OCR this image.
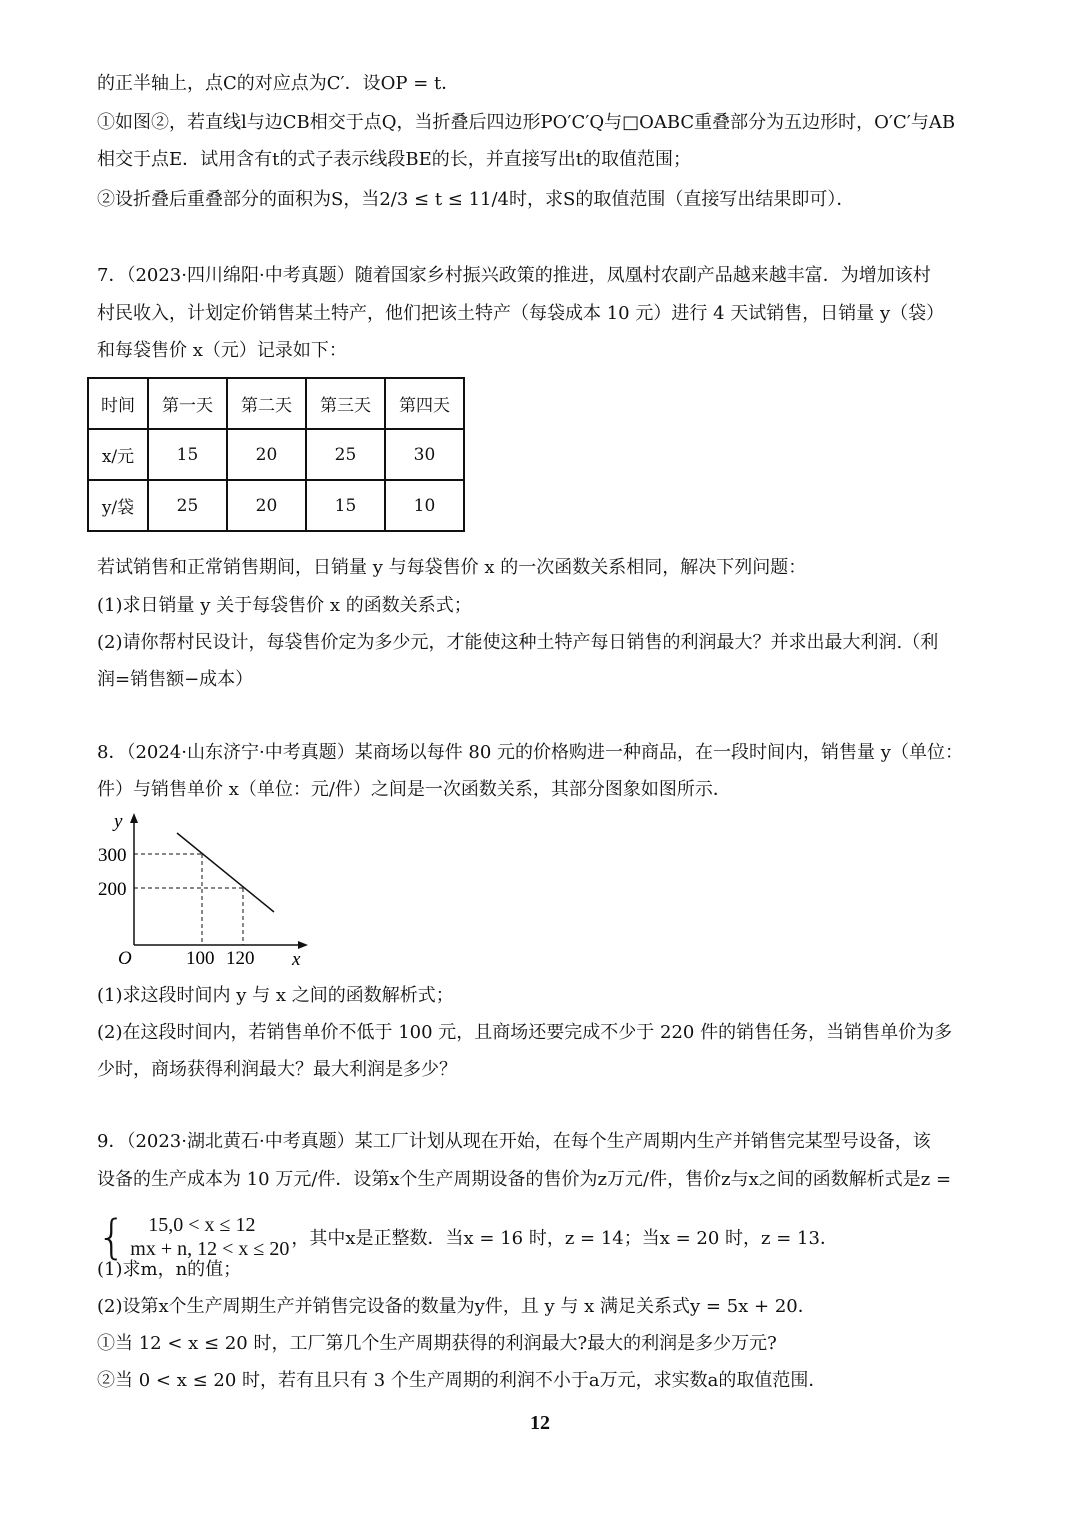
的正半轴上，点C的对应点为C′．设OP = t．
①如图②，若直线l与边CB相交于点Q，当折叠后四边形PO′C′Q与□OABC重叠部分为五边形时，O′C′与AB
相交于点E．试用含有t的式子表示线段BE的长，并直接写出t的取值范围；
②设折叠后重叠部分的面积为S，当2/3 ≤ t ≤ 11/4时，求S的取值范围（直接写出结果即可）．
7．（2023·四川绵阳·中考真题）随着国家乡村振兴政策的推进，凤凰村农副产品越来越丰富．为增加该村
村民收入，计划定价销售某土特产，他们把该土特产（每袋成本 10 元）进行 4 天试销售，日销量 y（袋）
和每袋售价 x（元）记录如下：
时间	第一天	第二天	第三天	第四天
x/元	15	20	25	30
y/袋	25	20	15	10
若试销售和正常销售期间，日销量 y 与每袋售价 x 的一次函数关系相同，解决下列问题：
(1)求日销量 y 关于每袋售价 x 的函数关系式；
(2)请你帮村民设计，每袋售价定为多少元，才能使这种土特产每日销售的利润最大？并求出最大利润.（利
润=销售额−成本）
8．（2024·山东济宁·中考真题）某商场以每件 80 元的价格购进一种商品，在一段时间内，销售量 y（单位：
件）与销售单价 x（单位：元/件）之间是一次函数关系，其部分图象如图所示．
y
x
O
300
200
100 120
(1)求这段时间内 y 与 x 之间的函数解析式；
(2)在这段时间内，若销售单价不低于 100 元，且商场还要完成不少于 220 件的销售任务，当销售单价为多
少时，商场获得利润最大？最大利润是多少？
9．（2023·湖北黄石·中考真题）某工厂计划从现在开始，在每个生产周期内生产并销售完某型号设备，该
设备的生产成本为 10 万元/件．设第x个生产周期设备的售价为z万元/件，售价z与x之间的函数解析式是z =
{	15,0 < x ≤ 12
mx + n, 12 < x ≤ 20 ，其中x是正整数．当x = 16 时，z = 14；当x = 20 时，z = 13．
(1)求m，n的值；
(2)设第x个生产周期生产并销售完设备的数量为y件，且 y 与 x 满足关系式y = 5x + 20．
①当 12 < x ≤ 20 时，工厂第几个生产周期获得的利润最大?最大的利润是多少万元?
②当 0 < x ≤ 20 时，若有且只有 3 个生产周期的利润不小于a万元，求实数a的取值范围．
12
